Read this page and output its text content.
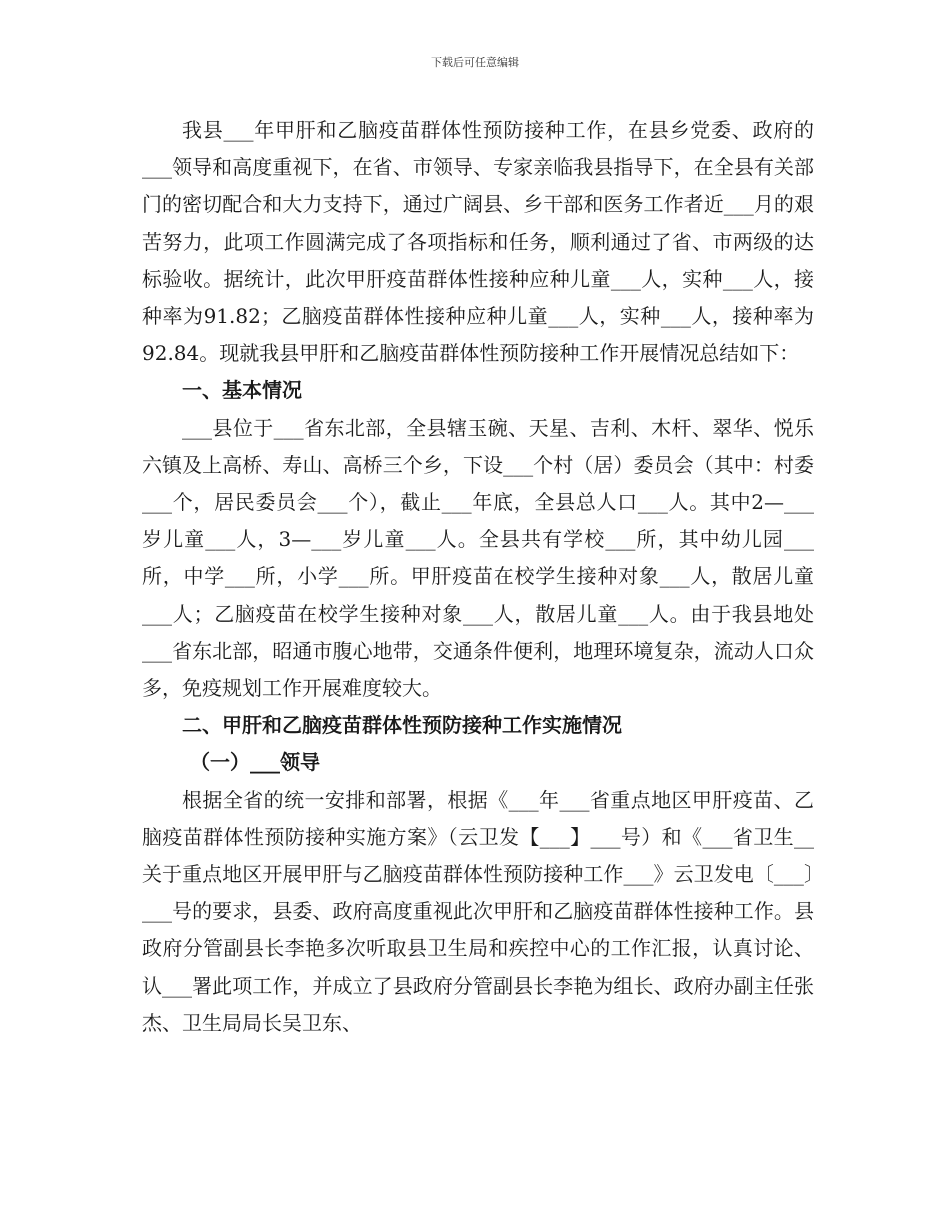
下载后可任意编辑

我县___年甲肝和乙脑疫苗群体性预防接种工作，在县乡党委、政府的___领导和高度重视下，在省、市领导、专家亲临我县指导下，在全县有关部门的密切配合和大力支持下，通过广阔县、乡干部和医务工作者近___月的艰苦努力，此项工作圆满完成了各项指标和任务，顺利通过了省、市两级的达标验收。据统计，此次甲肝疫苗群体性接种应种儿童___人，实种___人，接种率为91.82；乙脑疫苗群体性接种应种儿童___人，实种___人，接种率为92.84。现就我县甲肝和乙脑疫苗群体性预防接种工作开展情况总结如下：

一、基本情况

___县位于___省东北部，全县辖玉碗、天星、吉利、木杆、翠华、悦乐六镇及上高桥、寿山、高桥三个乡，下设___个村（居）委员会（其中：村委___个，居民委员会___个），截止___年底，全县总人口___人。其中2—___岁儿童___人，3—___岁儿童___人。全县共有学校___所，其中幼儿园___所，中学___所，小学___所。甲肝疫苗在校学生接种对象___人，散居儿童___人；乙脑疫苗在校学生接种对象___人，散居儿童___人。由于我县地处___省东北部，昭通市腹心地带，交通条件便利，地理环境复杂，流动人口众多，免疫规划工作开展难度较大。

二、甲肝和乙脑疫苗群体性预防接种工作实施情况

（一）___领导

根据全省的统一安排和部署，根据《___年___省重点地区甲肝疫苗、乙脑疫苗群体性预防接种实施方案》（云卫发【___】___号）和《___省卫生__关于重点地区开展甲肝与乙脑疫苗群体性预防接种工作___》云卫发电〔___〕___号的要求，县委、政府高度重视此次甲肝和乙脑疫苗群体性接种工作。县政府分管副县长李艳多次听取县卫生局和疾控中心的工作汇报，认真讨论、认___署此项工作，并成立了县政府分管副县长李艳为组长、政府办副主任张杰、卫生局局长吴卫东、
